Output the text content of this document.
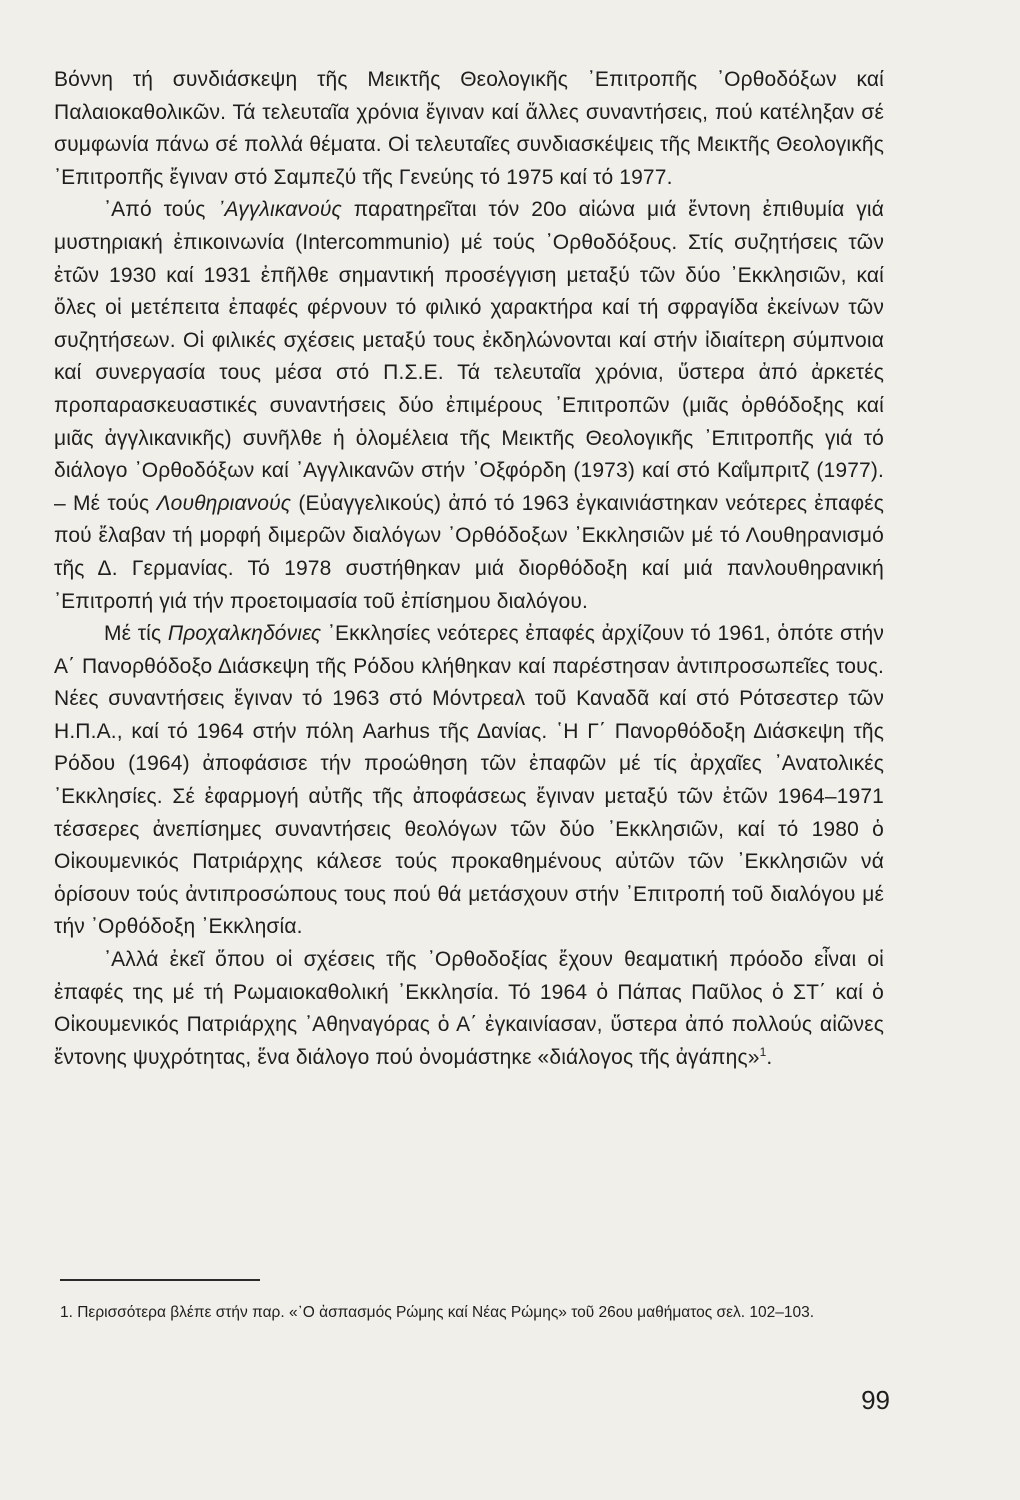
Βόννη τή συνδιάσκεψη τῆς Μεικτῆς Θεολογικῆς ᾿Επιτροπῆς ᾿Ορθοδόξων καί Παλαιοκαθολικῶν. Τά τελευταῖα χρόνια ἔγιναν καί ἄλλες συναντήσεις, πού κατέληξαν σέ συμφωνία πάνω σέ πολλά θέματα. Οἱ τελευταῖες συνδιασκέψεις τῆς Μεικτῆς Θεολογικῆς ᾿Επιτροπῆς ἔγιναν στό Σαμπεζύ τῆς Γενεύης τό 1975 καί τό 1977.

᾿Από τούς ᾿Αγγλικανούς παρατηρεῖται τόν 20ο αἰώνα μιά ἔντονη ἐπιθυμία γιά μυστηριακή ἐπικοινωνία (Intercommunio) μέ τούς ᾿Ορθοδόξους. Στίς συζητήσεις τῶν ἐτῶν 1930 καί 1931 ἐπῆλθε σημαντική προσέγγιση μεταξύ τῶν δύο ᾿Εκκλησιῶν, καί ὅλες οἱ μετέπειτα ἐπαφές φέρνουν τό φιλικό χαρακτήρα καί τή σφραγίδα ἐκείνων τῶν συζητήσεων. Οἱ φιλικές σχέσεις μεταξύ τους ἐκδηλώνονται καί στήν ἰδιαίτερη σύμπνοια καί συνεργασία τους μέσα στό Π.Σ.Ε. Τά τελευταῖα χρόνια, ὕστερα ἀπό ἀρκετές προπαρασκευαστικές συναντήσεις δύο ἐπιμέρους ᾿Επιτροπῶν (μιᾶς ὀρθόδοξης καί μιᾶς ἀγγλικανικῆς) συνῆλθε ἡ ὁλομέλεια τῆς Μεικτῆς Θεολογικῆς ᾿Επιτροπῆς γιά τό διάλογο ᾿Ορθοδόξων καί ᾿Αγγλικανῶν στήν ᾿Οξφόρδη (1973) καί στό Καΐμπριτζ (1977). – Μέ τούς Λουθηριανούς (Εὐαγγελικούς) ἀπό τό 1963 ἐγκαινιάστηκαν νεότερες ἐπαφές πού ἔλαβαν τή μορφή διμερῶν διαλόγων ᾿Ορθόδοξων ᾿Εκκλησιῶν μέ τό Λουθηρανισμό τῆς Δ. Γερμανίας. Τό 1978 συστήθηκαν μιά διορθόδοξη καί μιά πανλουθηρανική ᾿Επιτροπή γιά τήν προετοιμασία τοῦ ἐπίσημου διαλόγου.

Μέ τίς Προχαλκηδόνιες ᾿Εκκλησίες νεότερες ἐπαφές ἀρχίζουν τό 1961, ὁπότε στήν Α΄ Πανορθόδοξο Διάσκεψη τῆς Ρόδου κλήθηκαν καί παρέστησαν ἀντιπροσωπεῖες τους. Νέες συναντήσεις ἔγιναν τό 1963 στό Μόντρεαλ τοῦ Καναδᾶ καί στό Ρότσεστερ τῶν Η.Π.Α., καί τό 1964 στήν πόλη Aarhus τῆς Δανίας. ῾Η Γ΄ Πανορθόδοξη Διάσκεψη τῆς Ρόδου (1964) ἀποφάσισε τήν προώθηση τῶν ἐπαφῶν μέ τίς ἀρχαῖες ᾿Ανατολικές ᾿Εκκλησίες. Σέ ἐφαρμογή αὐτῆς τῆς ἀποφάσεως ἔγιναν μεταξύ τῶν ἐτῶν 1964–1971 τέσσερες ἀνεπίσημες συναντήσεις θεολόγων τῶν δύο ᾿Εκκλησιῶν, καί τό 1980 ὁ Οἰκουμενικός Πατριάρχης κάλεσε τούς προκαθημένους αὐτῶν τῶν ᾿Εκκλησιῶν νά ὁρίσουν τούς ἀντιπροσώπους τους πού θά μετάσχουν στήν ᾿Επιτροπή τοῦ διαλόγου μέ τήν ᾿Ορθόδοξη ᾿Εκκλησία.

᾿Αλλά ἐκεῖ ὅπου οἱ σχέσεις τῆς ᾿Ορθοδοξίας ἔχουν θεαματική πρόοδο εἶναι οἱ ἐπαφές της μέ τή Ρωμαιοκαθολική ᾿Εκκλησία. Τό 1964 ὁ Πάπας Παῦλος ὁ ΣΤ΄ καί ὁ Οἰκουμενικός Πατριάρχης ᾿Αθηναγόρας ὁ Α΄ ἐγκαινίασαν, ὕστερα ἀπό πολλούς αἰῶνες ἔντονης ψυχρότητας, ἕνα διάλογο πού ὀνομάστηκε «διάλογος τῆς ἀγάπης»$^1$.

1. Περισσότερα βλέπε στήν παρ. «᾿Ο ἀσπασμός Ρώμης καί Νέας Ρώμης» τοῦ 26ου μαθήματος σελ. 102–103.

99
